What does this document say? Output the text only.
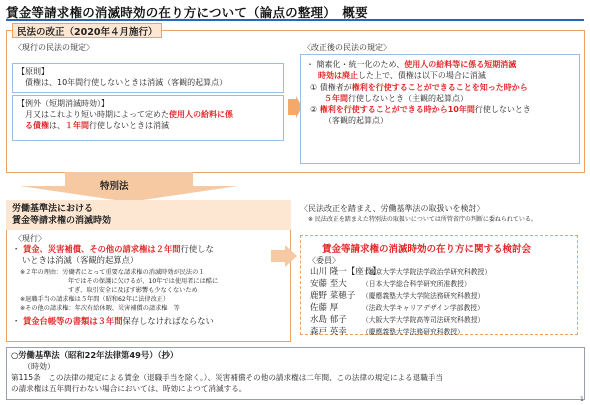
賃金等請求権の消滅時効の在り方について（論点の整理）　概要
民法の改正（2020年４月施行）
〈現行の民法の規定〉
【原則】
債権は、10年間行使しないときは消滅（客観的起算点）
【例外（短期消滅時効）】
月又はこれより短い時期によって定めた使用人の給料に係
る債権は、１年間行使しないときは消滅
〈改正後の民法の規定〉
・ 簡素化・統一化のため、使用人の給料等に係る短期消滅
時効は廃止した上で、債権は以下の場合に消滅
① 債権者が権利を行使することができることを知った時から
５年間行使しないとき（主観的起算点）
② 権利を行使することができる時から10年間行使しないとき
（客観的起算点）
特別法
労働基準法における
賃金等請求権の消滅時効
〈現行〉
・ 賃金、災害補償、その他の請求権は２年間行使しな
いときは消滅（客観的起算点）
※２年の理由：労働者にとって重要な請求権の消滅時効が民法の１
年ではその保護に欠けるが、10年では使用者には酷に
すぎ、取引安全に及ぼす影響も少なくないため
※退職手当の請求権は５年間（昭和62年に法律改正）
※その他の請求権：年次有給休暇、災害補償の請求権　等
・ 賃金台帳等の書類は３年間保存しなければならない
〈民法改正を踏まえ、労働基準法の取扱いを検討〉
※ 民法改正を踏まえた特別法の取扱いについては所管省庁の判断に委ねられている。
賃金等請求権の消滅時効の在り方に関する検討会
〈委員〉
山川 隆一【座長】（東京大学大学院法学政治学研究科教授）
安藤 至大 （日本大学総合科学研究所准教授）
鹿野 菜穂子 （慶應義塾大学大学院法務研究科教授）
佐藤 厚	（法政大学キャリアデザイン学部教授）
水島 郁子 （大阪大学大学院高等司法研究科教授）
森戸 英幸 （慶應義塾大学法務研究科教授）
○労働基準法（昭和22年法律第49号）（抄）
（時効）
第115条　この法律の規定による賃金（退職手当を除く。）、災害補償その他の請求権は二年間、この法律の規定による退職手当
の請求権は五年間行わない場合においては、時効によつて消滅する。
1
